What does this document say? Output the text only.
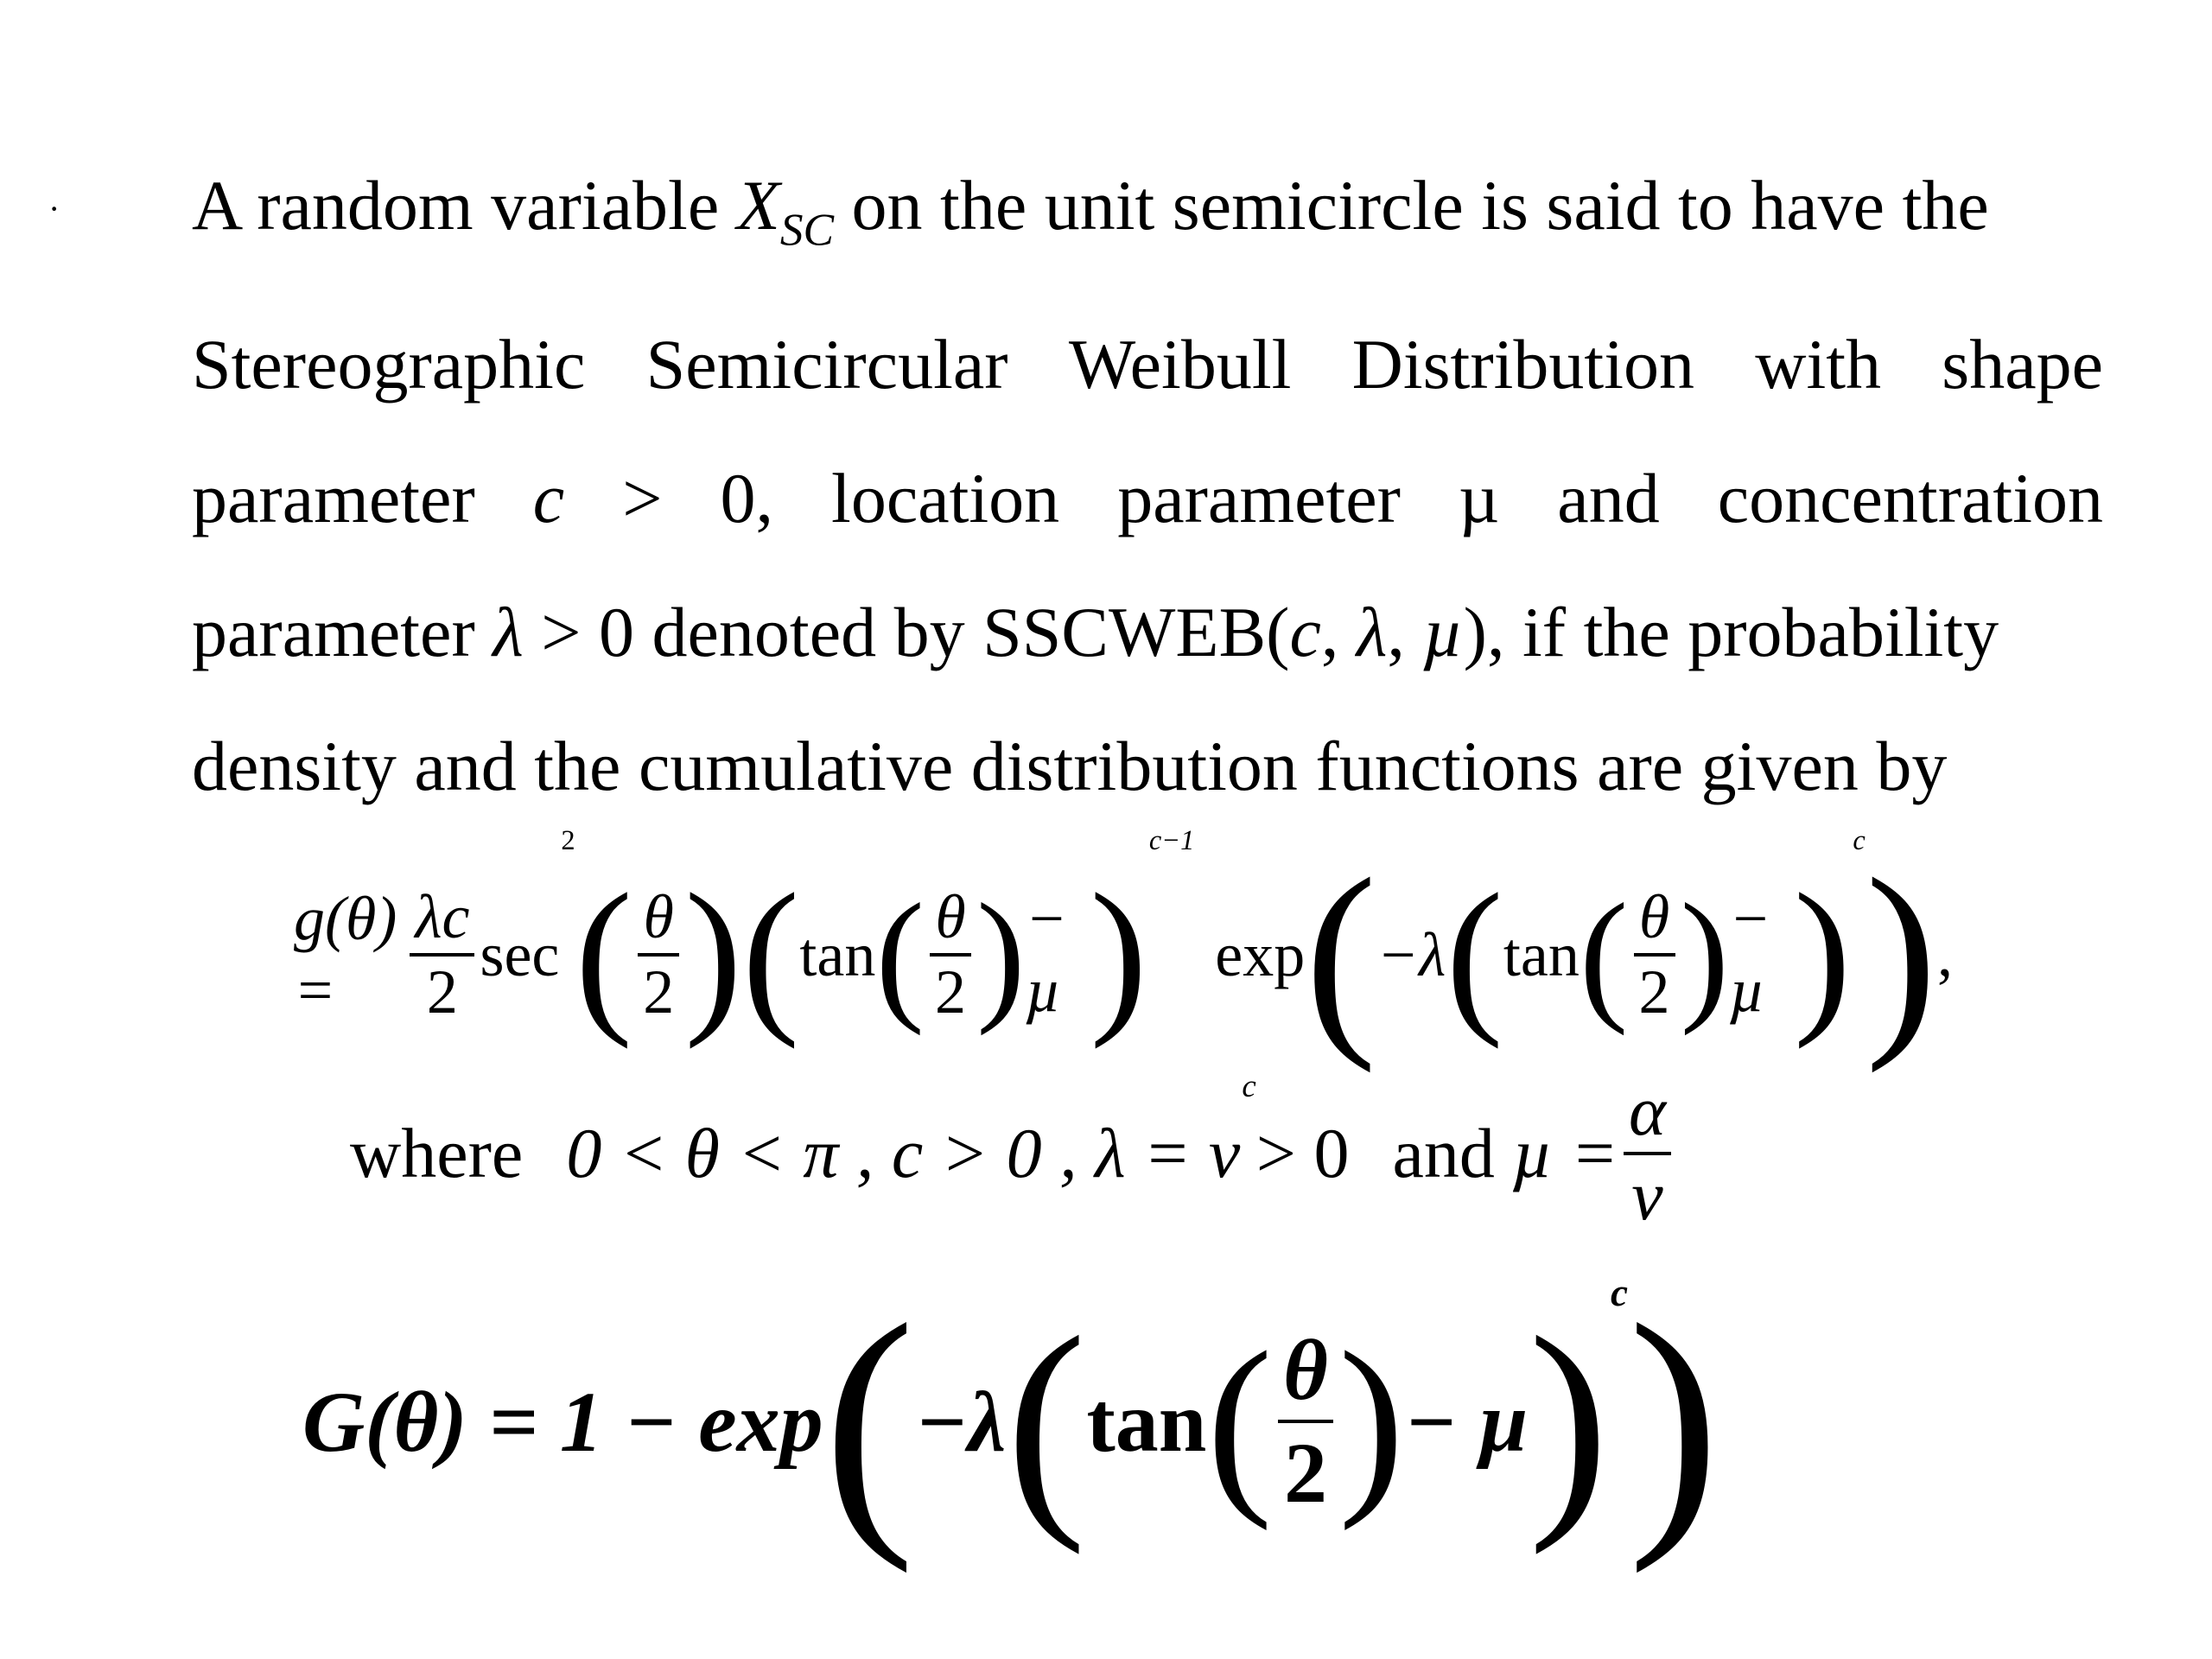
· A random variable $X_{SC}$ on the unit semicircle is said to have the
Stereographic Semicircular Weibull Distribution with shape
parameter c > 0, location parameter µ and concentration
parameter λ > 0 denoted by SSCWEB(c, λ, µ), if the probability
density and the cumulative distribution functions are given by
g(θ) =	$\frac{\lambda c}{2}$ sec
2
( $\frac{\theta}{2}$ ) ( tan ( $\frac{\theta}{2}$ ) − µ )
c−1
exp ( −λ ( tan ( $\frac{\theta}{2}$ ) − µ )
c ) ,
where 0 < θ < π , c > 0 , λ = v
c
> 0 and $\mu = \frac{\alpha}{\nu}$
G(θ) = 1 − exp ( −λ ( tan ( $\frac{\theta}{2}$ ) − µ ) c )
